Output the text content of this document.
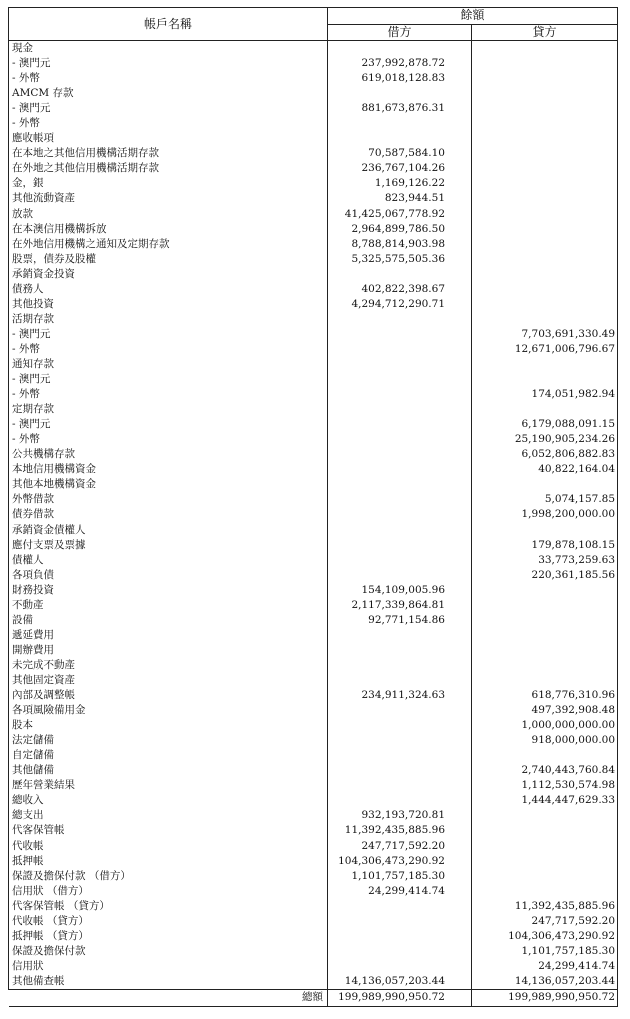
帳戶名稱	餘額	
	借方	貸方
現金		
- 澳門元	237,992,878.72	
- 外幣	619,018,128.83	
AMCM 存款		
- 澳門元	881,673,876.31	
- 外幣		
應收帳項		
在本地之其他信用機構活期存款	70,587,584.10	
在外地之其他信用機構活期存款	236,767,104.26	
金，銀	1,169,126.22	
其他流動資產	823,944.51	
放款	41,425,067,778.92	
在本澳信用機構拆放	2,964,899,786.50	
在外地信用機構之通知及定期存款	8,788,814,903.98	
股票，債券及股權	5,325,575,505.36	
承銷資金投資		
債務人	402,822,398.67	
其他投資	4,294,712,290.71	
活期存款		
- 澳門元		7,703,691,330.49
- 外幣		12,671,006,796.67
通知存款		
- 澳門元		
- 外幣		174,051,982.94
定期存款		
- 澳門元		6,179,088,091.15
- 外幣		25,190,905,234.26
公共機構存款		6,052,806,882.83
本地信用機構資金		40,822,164.04
其他本地機構資金		
外幣借款		5,074,157.85
債券借款		1,998,200,000.00
承銷資金債權人		
應付支票及票據		179,878,108.15
債權人		33,773,259.63
各項負債		220,361,185.56
財務投資	154,109,005.96	
不動產	2,117,339,864.81	
設備	92,771,154.86	
遞延費用		
開辦費用		
未完成不動產		
其他固定資產		
內部及調整帳	234,911,324.63	618,776,310.96
各項風險備用金		497,392,908.48
股本		1,000,000,000.00
法定儲備		918,000,000.00
自定儲備		
其他儲備		2,740,443,760.84
歷年營業結果		1,112,530,574.98
總收入		1,444,447,629.33
總支出	932,193,720.81	
代客保管帳	11,392,435,885.96	
代收帳	247,717,592.20	
抵押帳	104,306,473,290.92	
保證及擔保付款 （借方）	1,101,757,185.30	
信用狀 （借方）	24,299,414.74	
代客保管帳 （貸方）		11,392,435,885.96
代收帳 （貸方）		247,717,592.20
抵押帳 （貸方）		104,306,473,290.92
保證及擔保付款		1,101,757,185.30
信用狀		24,299,414.74
其他備查帳	14,136,057,203.44	14,136,057,203.44
總額	199,989,990,950.72	199,989,990,950.72
